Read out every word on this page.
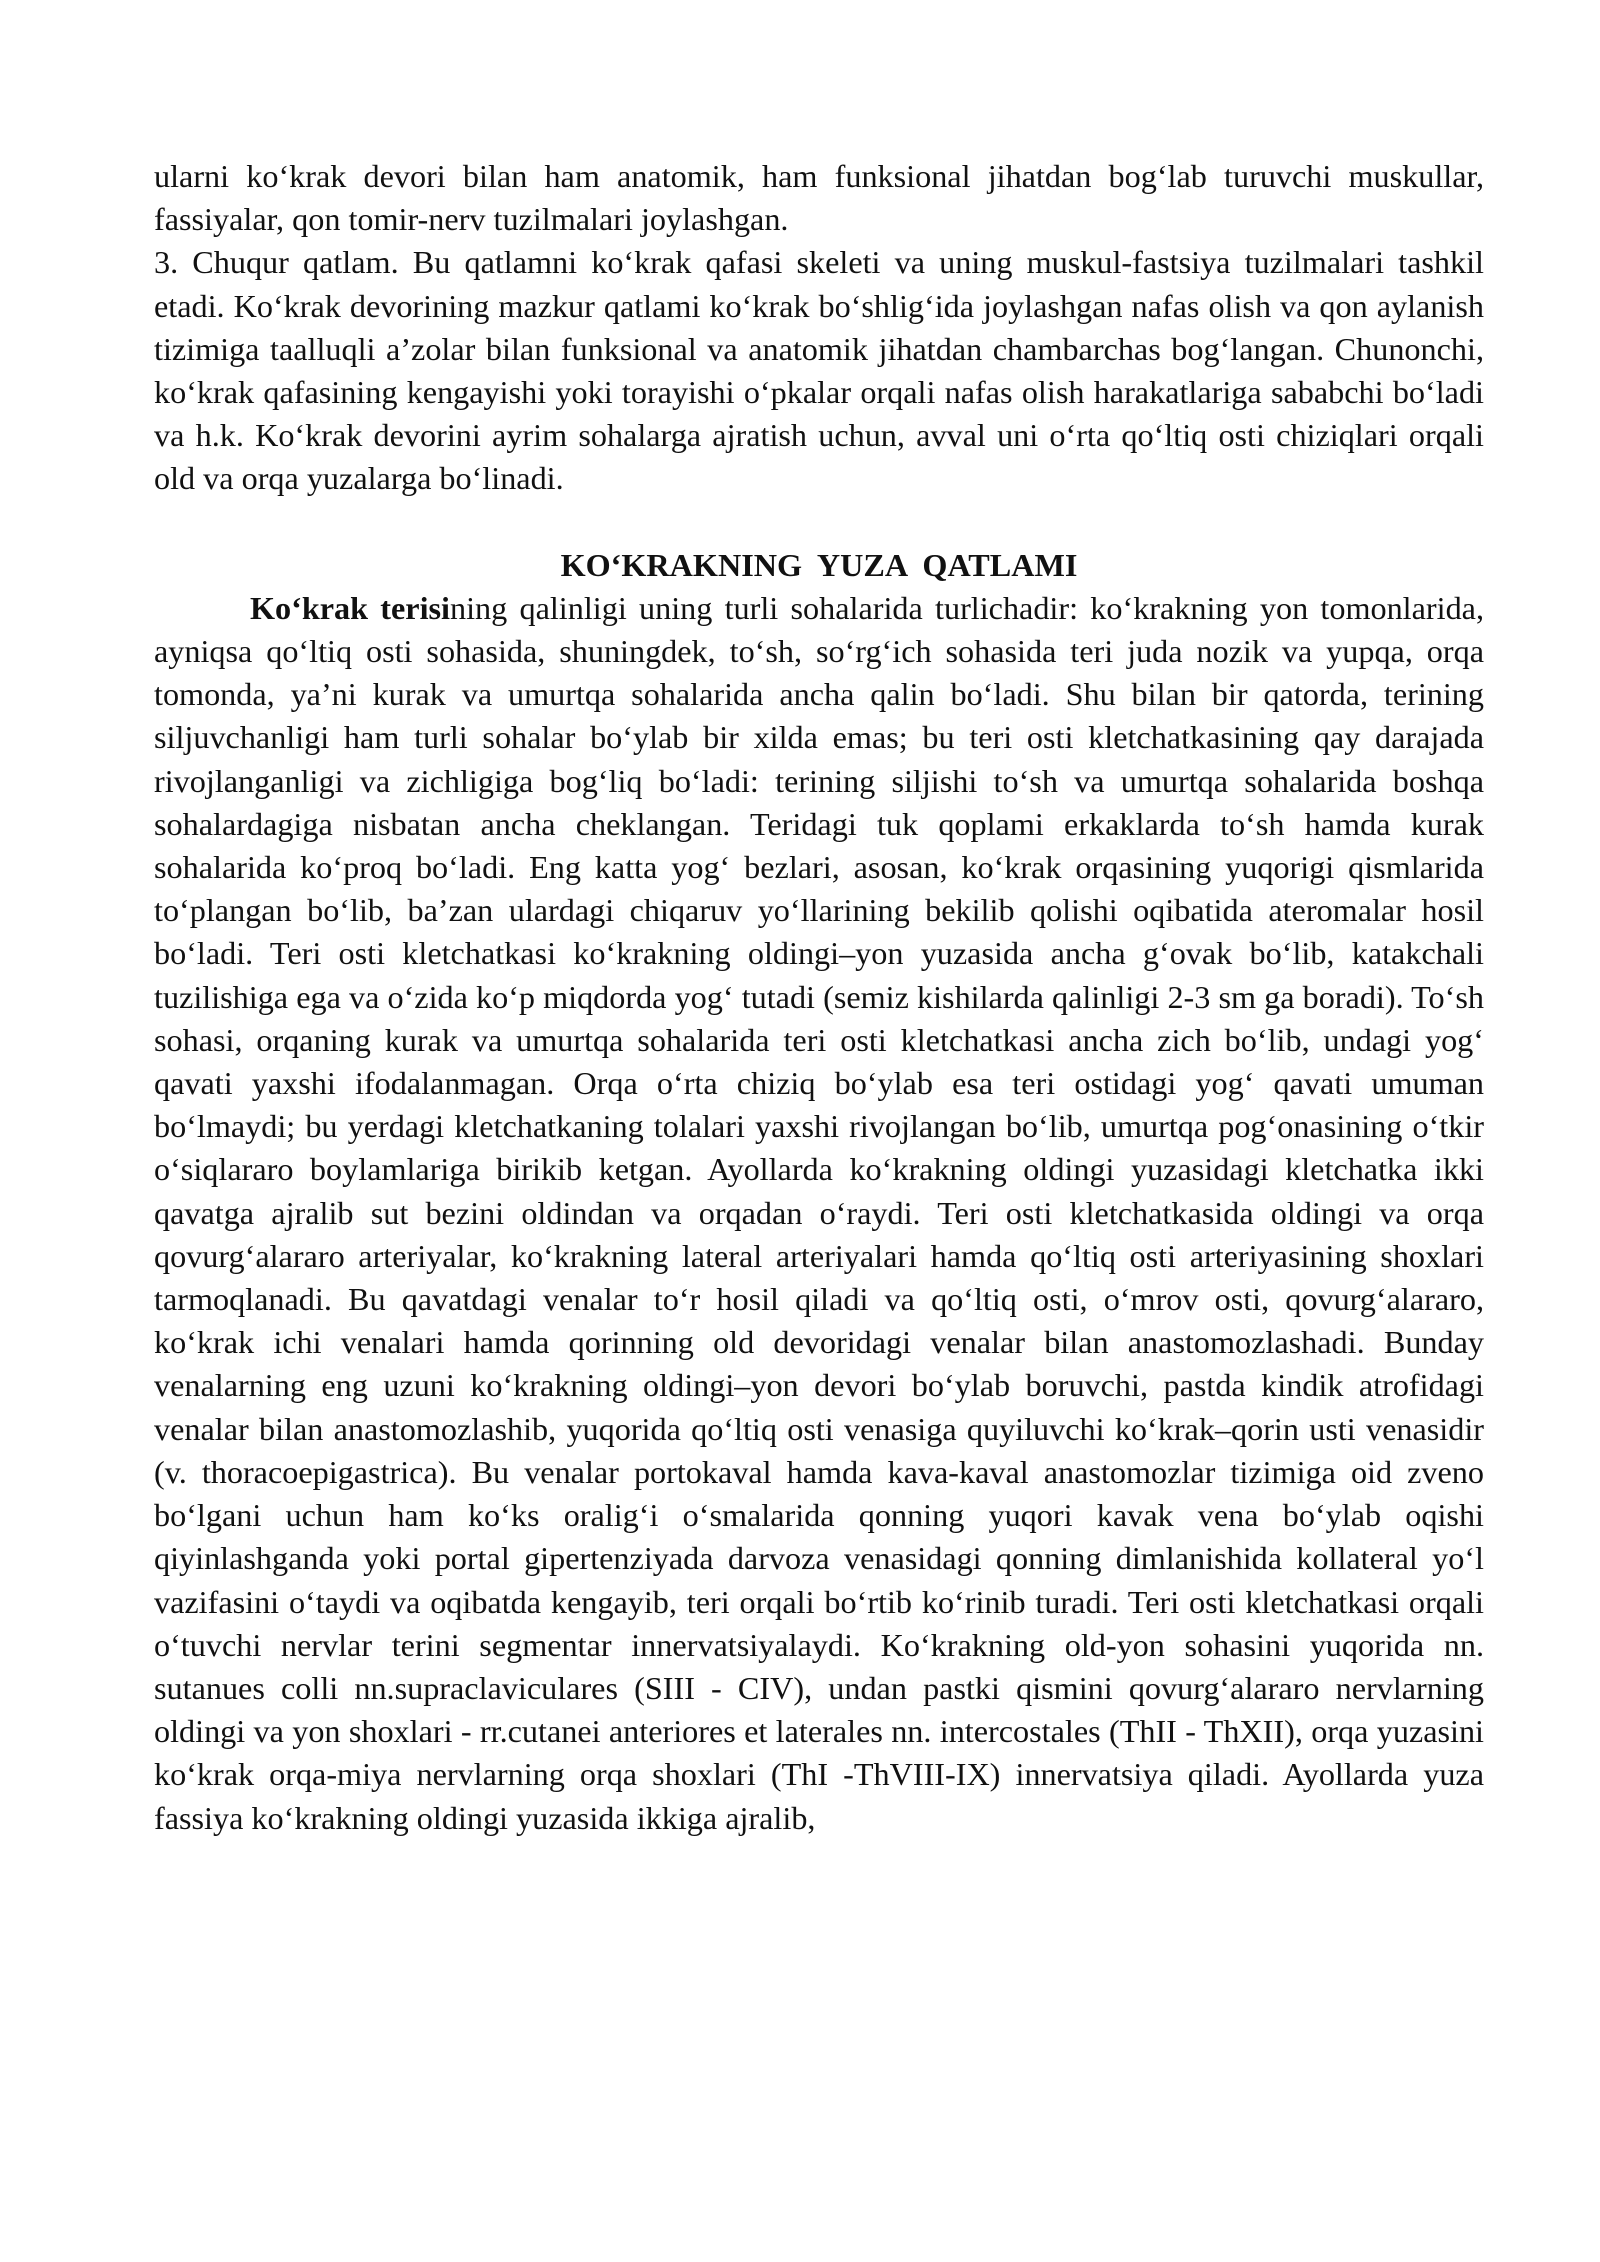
ularni ko‘krak devori bilan ham anatomik, ham funksional jihatdan bog‘lab turuvchi muskullar, fassiyalar, qon tomir-nerv tuzilmalari joylashgan.

3. Chuqur qatlam. Bu qatlamni ko‘krak qafasi skeleti va uning muskul-fastsiya tuzilmalari tashkil etadi. Ko‘krak devorining mazkur qatlami ko‘krak bo‘shlig‘ida joylashgan nafas olish va qon aylanish tizimiga taalluqli a’zolar bilan funksional va anatomik jihatdan chambarchas bog‘langan. Chunonchi, ko‘krak qafasining kengayishi yoki torayishi o‘pkalar orqali nafas olish harakatlariga sababchi bo‘ladi va h.k. Ko‘krak devorini ayrim sohalarga ajratish uchun, avval uni o‘rta qo‘ltiq osti chiziqlari orqali old va orqa yuzalarga bo‘linadi.

KO‘KRAKNING  YUZA  QATLAMI

Ko‘krak terisining qalinligi uning turli sohalarida turlichadir: ko‘krakning yon tomonlarida, ayniqsa qo‘ltiq osti sohasida, shuningdek, to‘sh, so‘rg‘ich sohasida teri juda nozik va yupqa, orqa tomonda, ya’ni kurak va umurtqa sohalarida ancha qalin bo‘ladi. Shu bilan bir qatorda, terining siljuvchanligi ham turli sohalar bo‘ylab bir xilda emas; bu teri osti kletchatkasining qay darajada rivojlanganligi va zichligiga bog‘liq bo‘ladi: terining siljishi to‘sh va umurtqa sohalarida boshqa sohalardagiga nisbatan ancha cheklangan. Teridagi tuk qoplami erkaklarda to‘sh hamda kurak sohalarida ko‘proq bo‘ladi. Eng katta yog‘ bezlari, asosan, ko‘krak orqasining yuqorigi qismlarida to‘plangan bo‘lib, ba’zan ulardagi chiqaruv yo‘llarining bekilib qolishi oqibatida ateromalar hosil bo‘ladi. Teri osti kletchatkasi ko‘krakning oldingi–yon yuzasida ancha g‘ovak bo‘lib, katakchali tuzilishiga ega va o‘zida ko‘p miqdorda yog‘ tutadi (semiz kishilarda qalinligi 2-3 sm ga boradi). To‘sh sohasi, orqaning kurak va umurtqa sohalarida teri osti kletchatkasi ancha zich bo‘lib, undagi yog‘ qavati yaxshi ifodalanmagan. Orqa o‘rta chiziq bo‘ylab esa teri ostidagi yog‘ qavati umuman bo‘lmaydi; bu yerdagi kletchatkaning tolalari yaxshi rivojlangan bo‘lib, umurtqa pog‘onasining o‘tkir o‘siqlararo boylamlariga birikib ketgan. Ayollarda ko‘krakning oldingi yuzasidagi kletchatka ikki qavatga ajralib sut bezini oldindan va orqadan o‘raydi. Teri osti kletchatkasida oldingi va orqa qovurg‘alararo arteriyalar, ko‘krakning lateral arteriyalari hamda qo‘ltiq osti arteriyasining shoxlari tarmoqlanadi. Bu qavatdagi venalar to‘r hosil qiladi va qo‘ltiq osti, o‘mrov osti, qovurg‘alararo, ko‘krak ichi venalari hamda qorinning old devoridagi venalar bilan anastomozlashadi. Bunday venalarning eng uzuni ko‘krakning oldingi–yon devori bo‘ylab boruvchi, pastda kindik atrofidagi venalar bilan anastomozlashib, yuqorida qo‘ltiq osti venasiga quyiluvchi ko‘krak–qorin usti venasidir (v. thoracoepigastrica). Bu venalar portokaval hamda kava-kaval anastomozlar tizimiga oid zveno bo‘lgani uchun ham ko‘ks oralig‘i o‘smalarida qonning yuqori kavak vena bo‘ylab oqishi qiyinlashganda yoki portal gipertenziyada darvoza venasidagi qonning dimlanishida kollateral yo‘l vazifasini o‘taydi va oqibatda kengayib, teri orqali bo‘rtib ko‘rinib turadi. Teri osti kletchatkasi orqali o‘tuvchi nervlar terini segmentar innervatsiyalaydi. Ko‘krakning old-yon sohasini yuqorida nn. sutanues colli nn.supraclaviculares (SIII - CIV), undan pastki qismini qovurg‘alararo nervlarning oldingi va yon shoxlari - rr.cutanei anteriores et laterales nn. intercostales (ThII - ThXII), orqa yuzasini ko‘krak orqa-miya nervlarning orqa shoxlari (ThI -ThVIII-IX) innervatsiya qiladi. Ayollarda yuza fassiya ko‘krakning oldingi yuzasida ikkiga ajralib,
